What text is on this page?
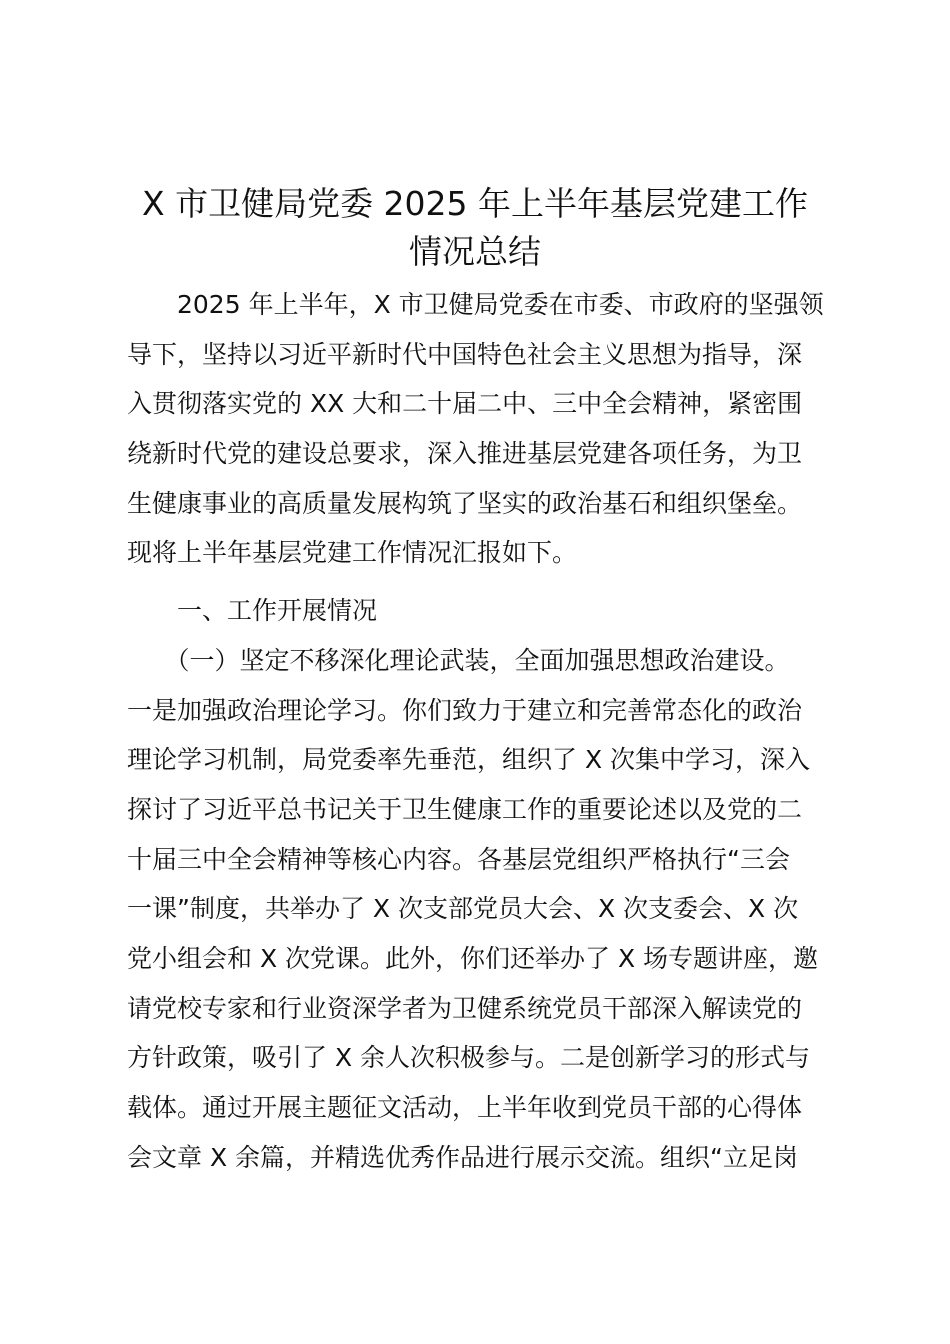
X 市卫健局党委 2025 年上半年基层党建工作
情况总结
　　2025 年上半年，X 市卫健局党委在市委、市政府的坚强领
导下，坚持以习近平新时代中国特色社会主义思想为指导，深
入贯彻落实党的 XX 大和二十届二中、三中全会精神，紧密围
绕新时代党的建设总要求，深入推进基层党建各项任务，为卫
生健康事业的高质量发展构筑了坚实的政治基石和组织堡垒。
现将上半年基层党建工作情况汇报如下。
　　一、工作开展情况
　　（一）坚定不移深化理论武装，全面加强思想政治建设。
一是加强政治理论学习。你们致力于建立和完善常态化的政治
理论学习机制，局党委率先垂范，组织了 X 次集中学习，深入
探讨了习近平总书记关于卫生健康工作的重要论述以及党的二
十届三中全会精神等核心内容。各基层党组织严格执行“三会
一课”制度，共举办了 X 次支部党员大会、X 次支委会、X 次
党小组会和 X 次党课。此外，你们还举办了 X 场专题讲座，邀
请党校专家和行业资深学者为卫健系统党员干部深入解读党的
方针政策，吸引了 X 余人次积极参与。二是创新学习的形式与
载体。通过开展主题征文活动，上半年收到党员干部的心得体
会文章 X 余篇，并精选优秀作品进行展示交流。组织“立足岗
